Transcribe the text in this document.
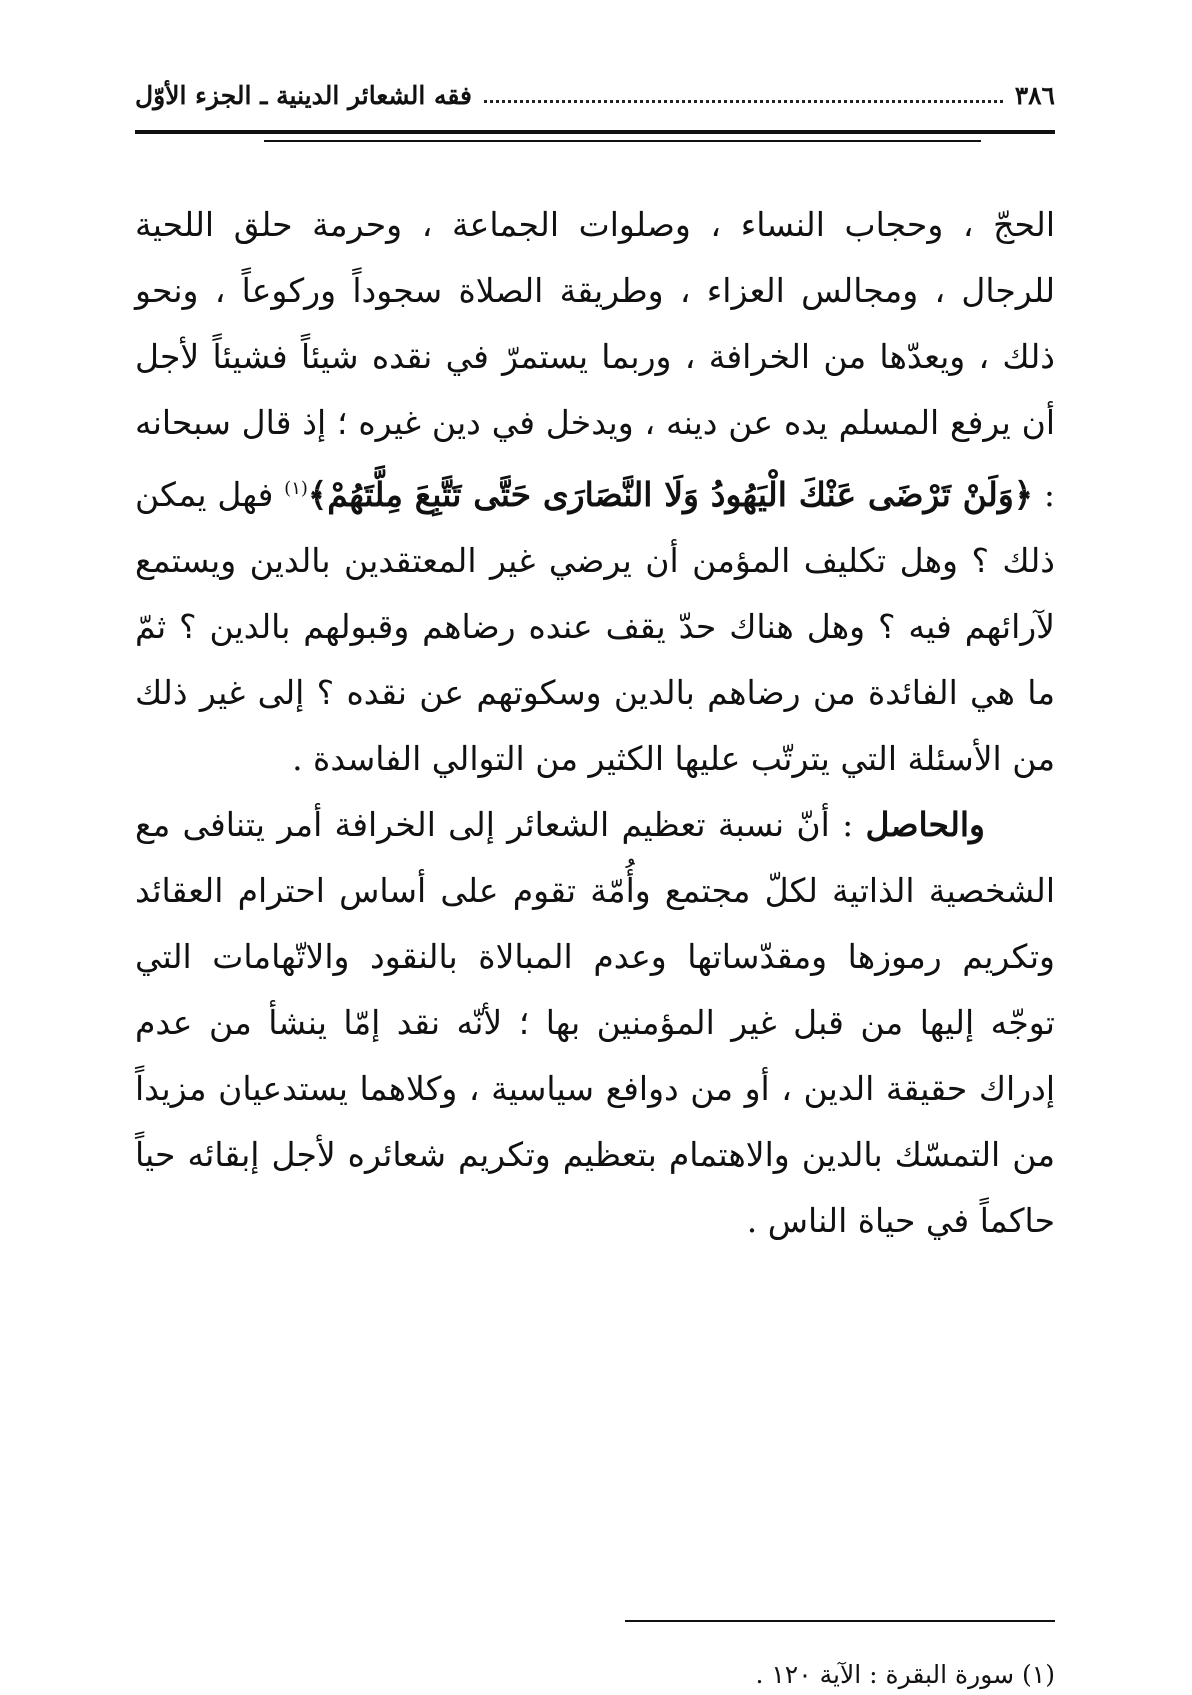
٣٨٦
فقه الشعائر الدينية ـ الجزء الأوّل

الحجّ ، وحجاب النساء ، وصلوات الجماعة ، وحرمة حلق اللحية للرجال ، ومجالس العزاء ، وطريقة الصلاة سجوداً وركوعاً ، ونحو ذلك ، ويعدّها من الخرافة ، وربما يستمرّ في نقده شيئاً فشيئاً لأجل أن يرفع المسلم يده عن دينه ، ويدخل في دين غيره ؛ إذ قال سبحانه : ﴿وَلَنْ تَرْضَى عَنْكَ الْيَهُودُ وَلَا النَّصَارَى حَتَّى تَتَّبِعَ مِلَّتَهُمْ﴾$^{(١)}$ فهل يمكن ذلك ؟ وهل تكليف المؤمن أن يرضي غير المعتقدين بالدين ويستمع لآرائهم فيه ؟ وهل هناك حدّ يقف عنده رضاهم وقبولهم بالدين ؟ ثمّ ما هي الفائدة من رضاهم بالدين وسكوتهم عن نقده ؟ إلى غير ذلك من الأسئلة التي يترتّب عليها الكثير من التوالي الفاسدة .

والحاصل : أنّ نسبة تعظيم الشعائر إلى الخرافة أمر يتنافى مع الشخصية الذاتية لكلّ مجتمع وأُمّة تقوم على أساس احترام العقائد وتكريم رموزها ومقدّساتها وعدم المبالاة بالنقود والاتّهامات التي توجّه إليها من قبل غير المؤمنين بها ؛ لأنّه نقد إمّا ينشأ من عدم إدراك حقيقة الدين ، أو من دوافع سياسية ، وكلاهما يستدعيان مزيداً من التمسّك بالدين والاهتمام بتعظيم وتكريم شعائره لأجل إبقائه حياً حاكماً في حياة الناس .

(١) سورة البقرة : الآية ١٢٠ .
